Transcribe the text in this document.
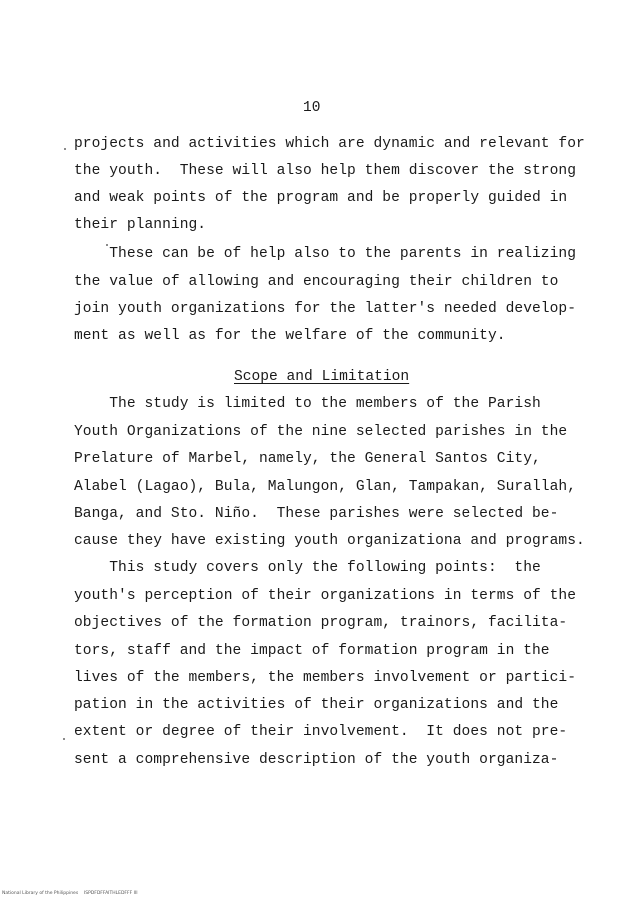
10
projects and activities which are dynamic and relevant for
the youth.  These will also help them discover the strong
and weak points of the program and be properly guided in
their planning.
These can be of help also to the parents in realizing
the value of allowing and encouraging their children to
join youth organizations for the latter's needed develop-
ment as well as for the welfare of the community.
Scope and Limitation
The study is limited to the members of the Parish
Youth Organizations of the nine selected parishes in the
Prelature of Marbel, namely, the General Santos City,
Alabel (Lagao), Bula, Malungon, Glan, Tampakan, Surallah,
Banga, and Sto. Niño.  These parishes were selected be-
cause they have existing youth organizationa and programs.
This study covers only the following points:  the
youth's perception of their organizations in terms of the
objectives of the formation program, trainors, facilita-
tors, staff and the impact of formation program in the
lives of the members, the members involvement or partici-
pation in the activities of their organizations and the
extent or degree of their involvement.  It does not pre-
sent a comprehensive description of the youth organiza-
National Library of the Philippines    ISPDFDFFAITHLEDFFF III
